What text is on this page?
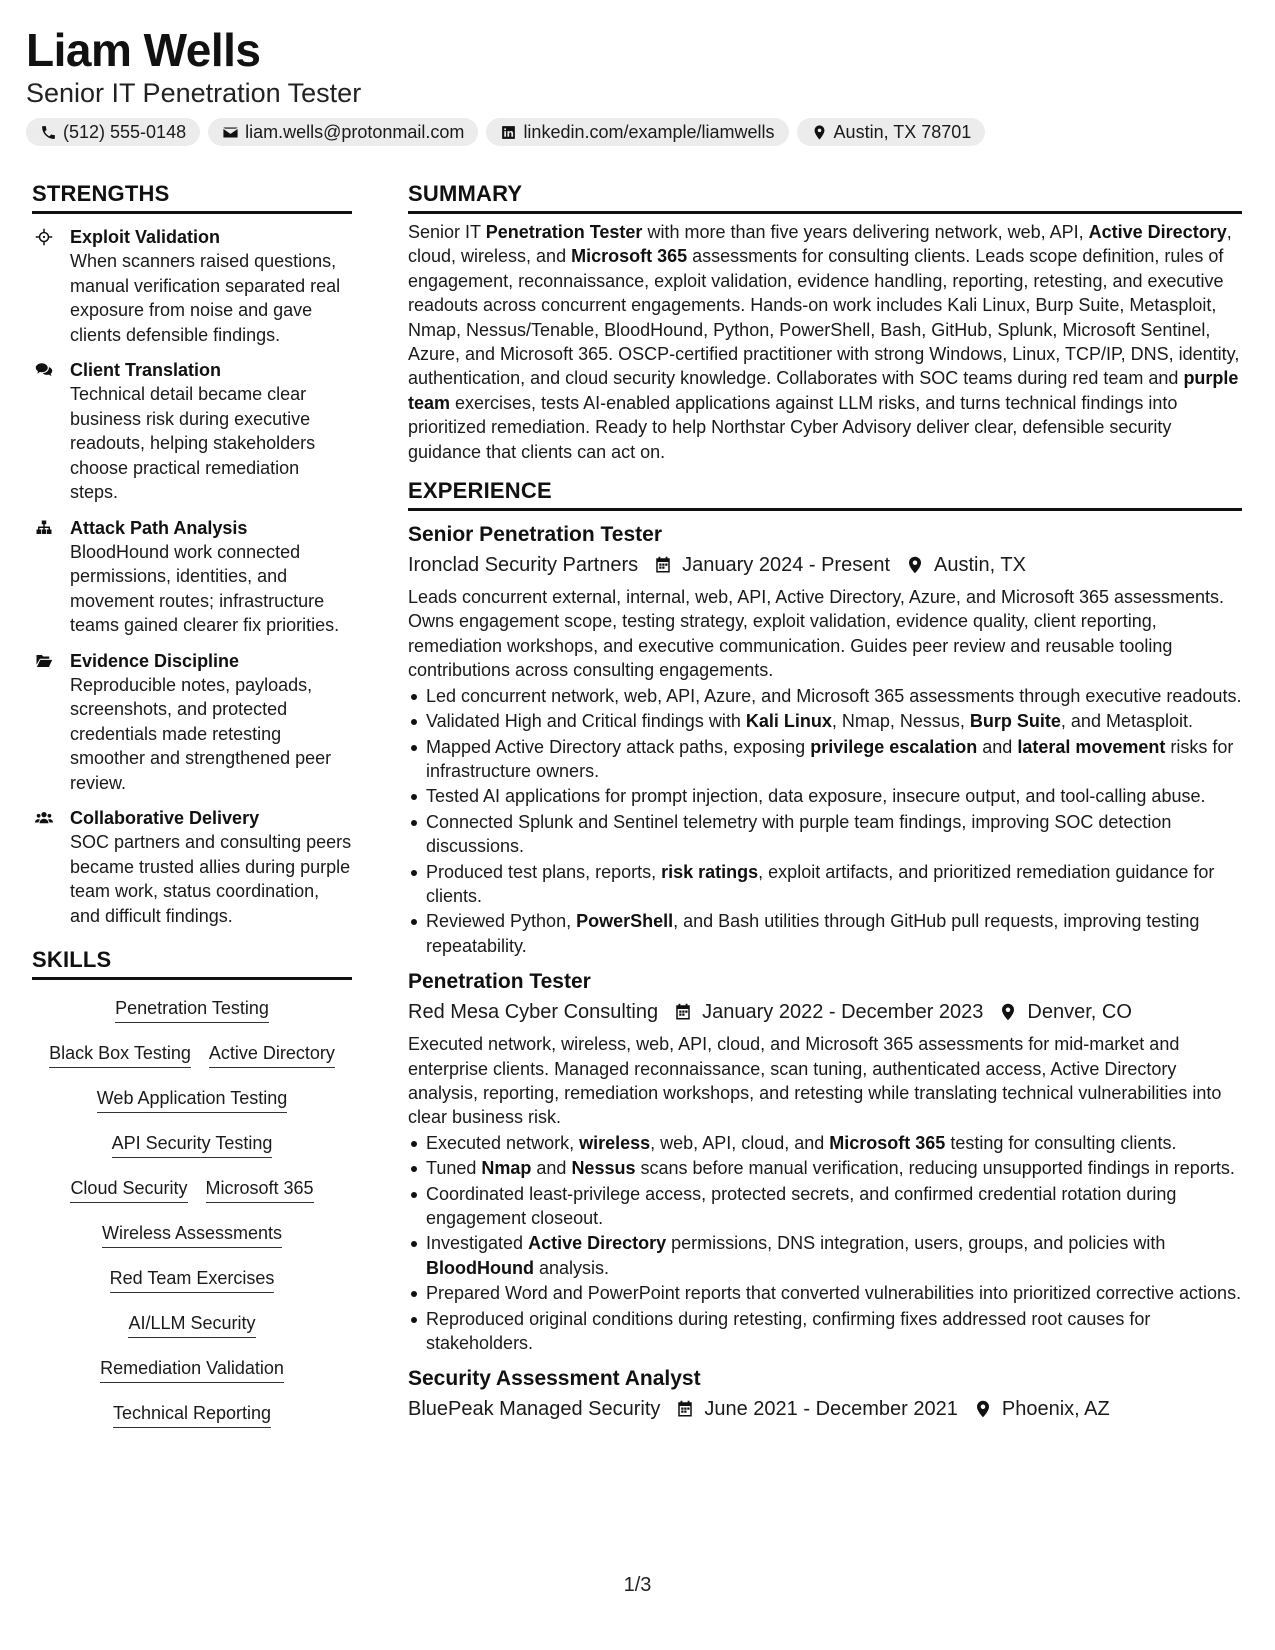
Liam Wells
Senior IT Penetration Tester
(512) 555-0148	liam.wells@protonmail.com	linkedin.com/example/liamwells	Austin, TX 78701
STRENGTHS
Exploit Validation
When scanners raised questions, manual verification separated real exposure from noise and gave clients defensible findings.
Client Translation
Technical detail became clear business risk during executive readouts, helping stakeholders choose practical remediation steps.
Attack Path Analysis
BloodHound work connected permissions, identities, and movement routes; infrastructure teams gained clearer fix priorities.
Evidence Discipline
Reproducible notes, payloads, screenshots, and protected credentials made retesting smoother and strengthened peer review.
Collaborative Delivery
SOC partners and consulting peers became trusted allies during purple team work, status coordination, and difficult findings.
SKILLS
Penetration Testing
Black Box Testing Active Directory
Web Application Testing
API Security Testing
Cloud Security Microsoft 365
Wireless Assessments
Red Team Exercises
AI/LLM Security
Remediation Validation
Technical Reporting
SUMMARY
Senior IT Penetration Tester with more than five years delivering network, web, API, Active Directory, cloud, wireless, and Microsoft 365 assessments for consulting clients. Leads scope definition, rules of engagement, reconnaissance, exploit validation, evidence handling, reporting, retesting, and executive readouts across concurrent engagements. Hands-on work includes Kali Linux, Burp Suite, Metasploit, Nmap, Nessus/Tenable, BloodHound, Python, PowerShell, Bash, GitHub, Splunk, Microsoft Sentinel, Azure, and Microsoft 365. OSCP-certified practitioner with strong Windows, Linux, TCP/IP, DNS, identity, authentication, and cloud security knowledge. Collaborates with SOC teams during red team and purple team exercises, tests AI-enabled applications against LLM risks, and turns technical findings into prioritized remediation. Ready to help Northstar Cyber Advisory deliver clear, defensible security guidance that clients can act on.
EXPERIENCE
Senior Penetration Tester
Ironclad Security Partners January 2024 - Present Austin, TX
Leads concurrent external, internal, web, API, Active Directory, Azure, and Microsoft 365 assessments. Owns engagement scope, testing strategy, exploit validation, evidence quality, client reporting, remediation workshops, and executive communication. Guides peer review and reusable tooling contributions across consulting engagements.
Led concurrent network, web, API, Azure, and Microsoft 365 assessments through executive readouts.
Validated High and Critical findings with Kali Linux, Nmap, Nessus, Burp Suite, and Metasploit.
Mapped Active Directory attack paths, exposing privilege escalation and lateral movement risks for infrastructure owners.
Tested AI applications for prompt injection, data exposure, insecure output, and tool-calling abuse.
Connected Splunk and Sentinel telemetry with purple team findings, improving SOC detection discussions.
Produced test plans, reports, risk ratings, exploit artifacts, and prioritized remediation guidance for clients.
Reviewed Python, PowerShell, and Bash utilities through GitHub pull requests, improving testing repeatability.
Penetration Tester
Red Mesa Cyber Consulting January 2022 - December 2023 Denver, CO
Executed network, wireless, web, API, cloud, and Microsoft 365 assessments for mid-market and enterprise clients. Managed reconnaissance, scan tuning, authenticated access, Active Directory analysis, reporting, remediation workshops, and retesting while translating technical vulnerabilities into clear business risk.
Executed network, wireless, web, API, cloud, and Microsoft 365 testing for consulting clients.
Tuned Nmap and Nessus scans before manual verification, reducing unsupported findings in reports.
Coordinated least-privilege access, protected secrets, and confirmed credential rotation during engagement closeout.
Investigated Active Directory permissions, DNS integration, users, groups, and policies with BloodHound analysis.
Prepared Word and PowerPoint reports that converted vulnerabilities into prioritized corrective actions.
Reproduced original conditions during retesting, confirming fixes addressed root causes for stakeholders.
Security Assessment Analyst
BluePeak Managed Security June 2021 - December 2021 Phoenix, AZ
1/3
